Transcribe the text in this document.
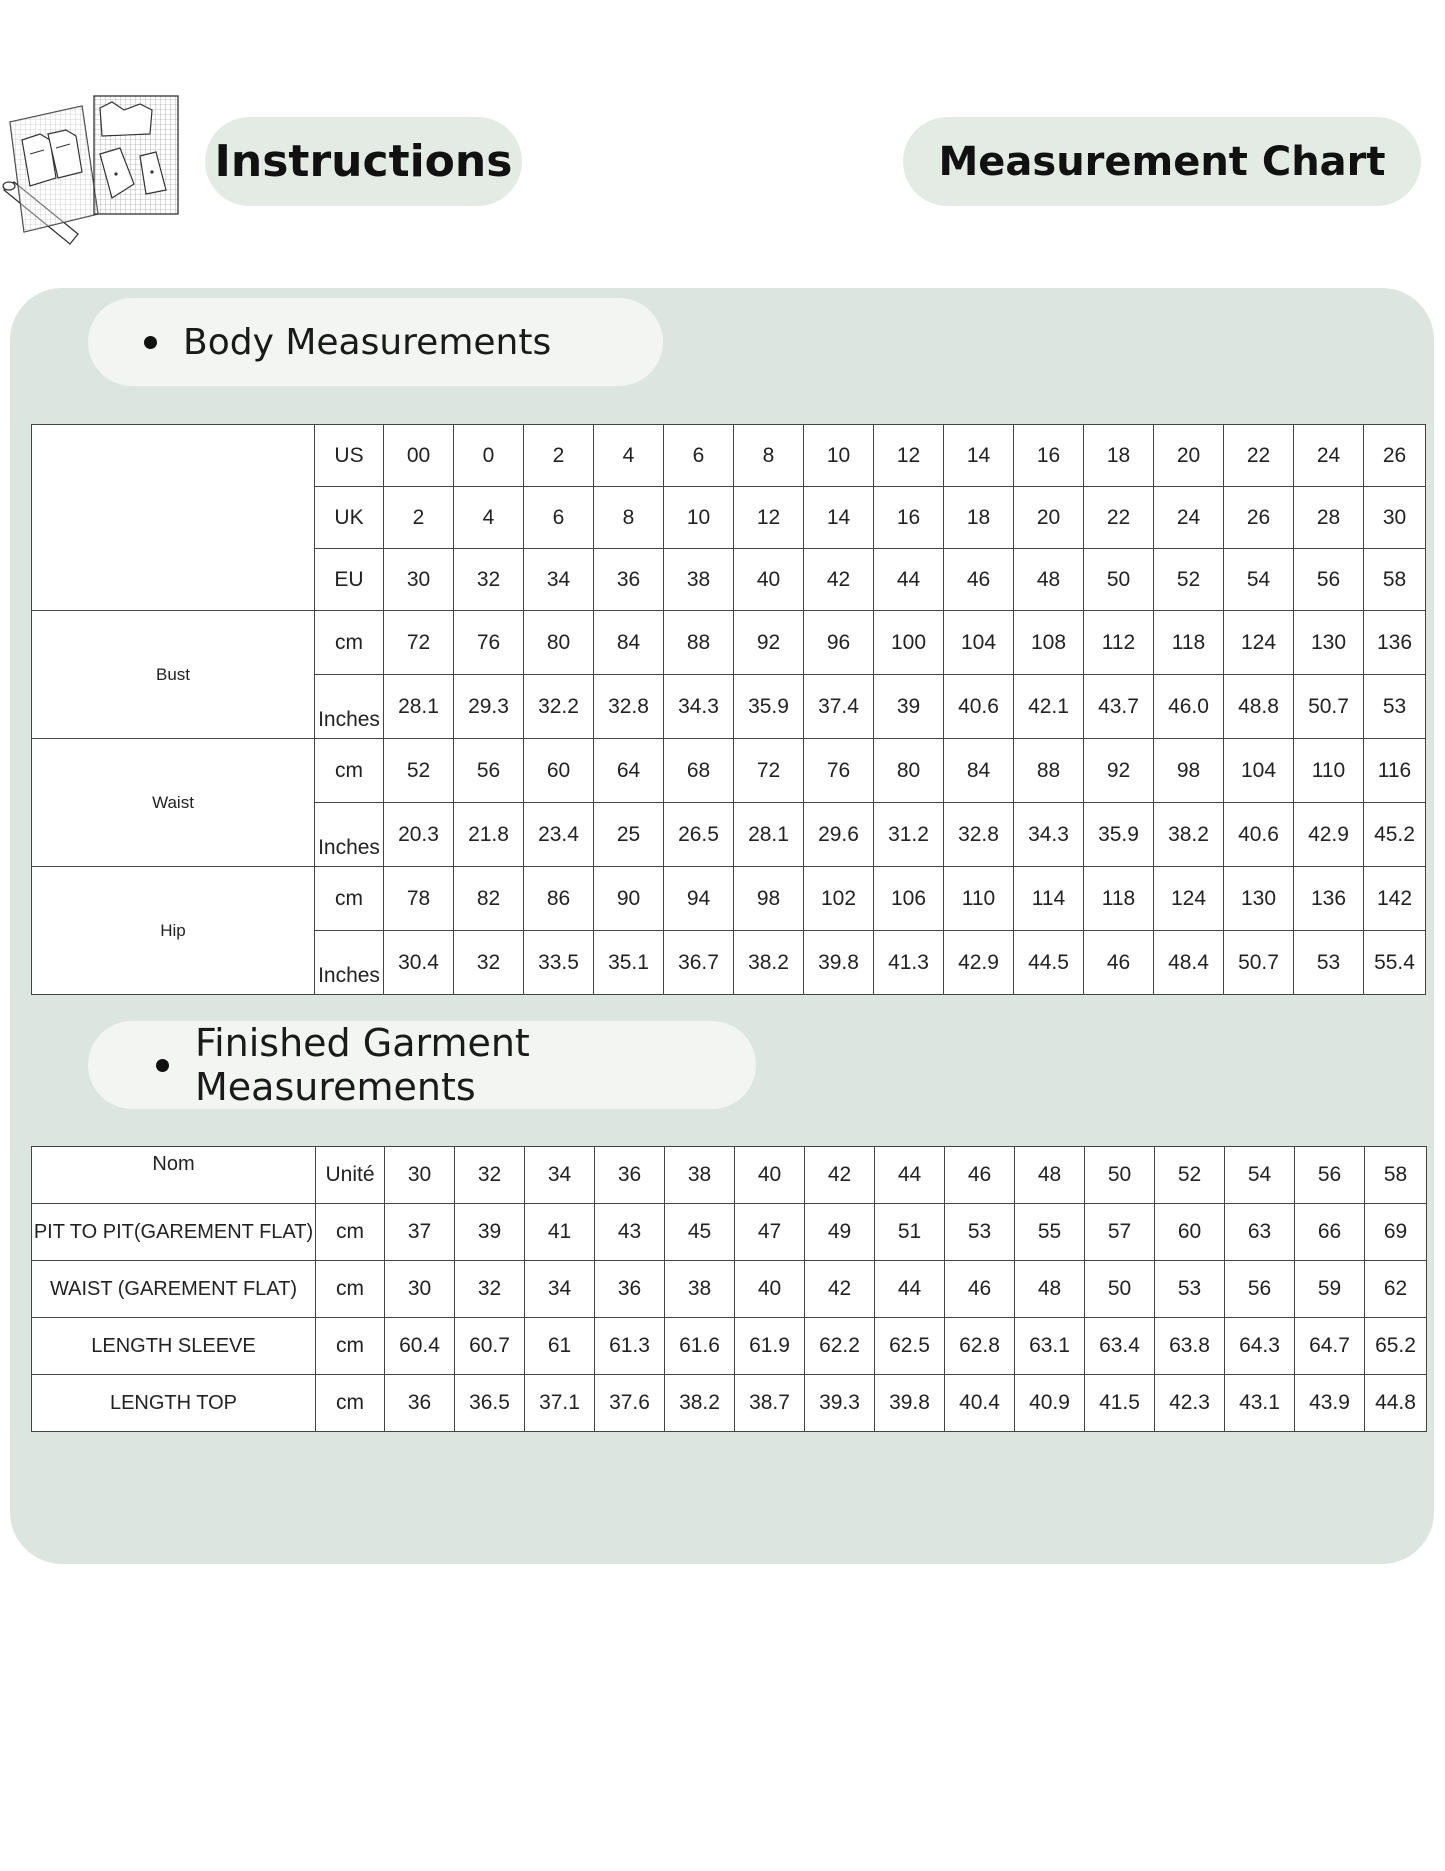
Instructions	Measurement Chart
Body Measurements
	US	00	0	2	4	6	8	10	12	14	16	18	20	22	24	26
	UK	2	4	6	8	10	12	14	16	18	20	22	24	26	28	30
	EU	30	32	34	36	38	40	42	44	46	48	50	52	54	56	58
Bust	cm	72	76	80	84	88	92	96	100	104	108	112	118	124	130	136
	Inches	28.1	29.3	32.2	32.8	34.3	35.9	37.4	39	40.6	42.1	43.7	46.0	48.8	50.7	53
Waist	cm	52	56	60	64	68	72	76	80	84	88	92	98	104	110	116
	Inches	20.3	21.8	23.4	25	26.5	28.1	29.6	31.2	32.8	34.3	35.9	38.2	40.6	42.9	45.2
Hip	cm	78	82	86	90	94	98	102	106	110	114	118	124	130	136	142
	Inches	30.4	32	33.5	35.1	36.7	38.2	39.8	41.3	42.9	44.5	46	48.4	50.7	53	55.4
Finished Garment Measurements
Nom	Unité	30	32	34	36	38	40	42	44	46	48	50	52	54	56	58
PIT TO PIT(GAREMENT FLAT)	cm	37	39	41	43	45	47	49	51	53	55	57	60	63	66	69
WAIST (GAREMENT FLAT)	cm	30	32	34	36	38	40	42	44	46	48	50	53	56	59	62
LENGTH SLEEVE	cm	60.4	60.7	61	61.3	61.6	61.9	62.2	62.5	62.8	63.1	63.4	63.8	64.3	64.7	65.2
LENGTH TOP	cm	36	36.5	37.1	37.6	38.2	38.7	39.3	39.8	40.4	40.9	41.5	42.3	43.1	43.9	44.8
